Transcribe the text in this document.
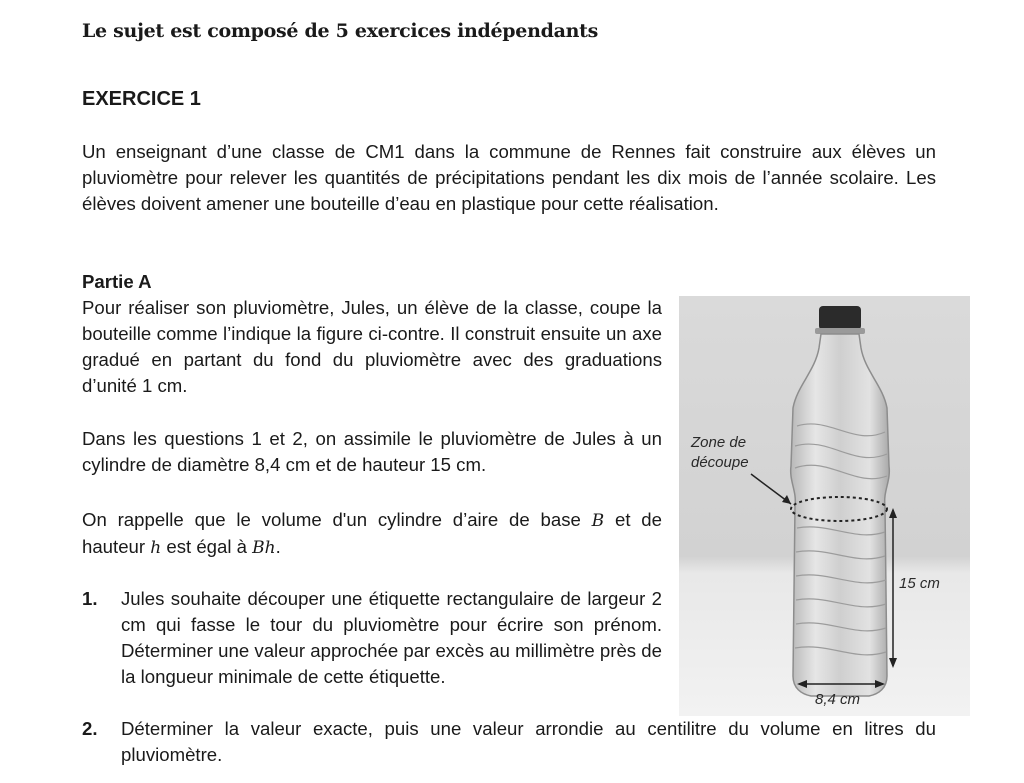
Le sujet est composé de 5 exercices indépendants
EXERCICE 1

Un enseignant d’une classe de CM1 dans la commune de Rennes fait construire aux élèves un pluviomètre pour relever les quantités de précipitations pendant les dix mois de l’année scolaire. Les élèves doivent amener une bouteille d’eau en plastique pour cette réalisation.

Partie A

Pour réaliser son pluviomètre, Jules, un élève de la classe, coupe la bouteille comme l’indique la figure ci-contre. Il construit ensuite un axe gradué en partant du fond du pluviomètre avec des graduations d’unité 1 cm.

Dans les questions 1 et 2, on assimile le pluviomètre de Jules à un cylindre de diamètre 8,4 cm et de hauteur 15 cm.

On rappelle que le volume d'un cylindre d’aire de base B et de hauteur h est égal à Bh.

1. Jules souhaite découper une étiquette rectangulaire de largeur 2 cm qui fasse le tour du pluviomètre pour écrire son prénom. Déterminer une valeur approchée par excès au millimètre près de la longueur minimale de cette étiquette.

2. Déterminer la valeur exacte, puis une valeur arrondie au centilitre du volume en litres du pluviomètre.

Zone de
découpe
15 cm
8,4 cm
